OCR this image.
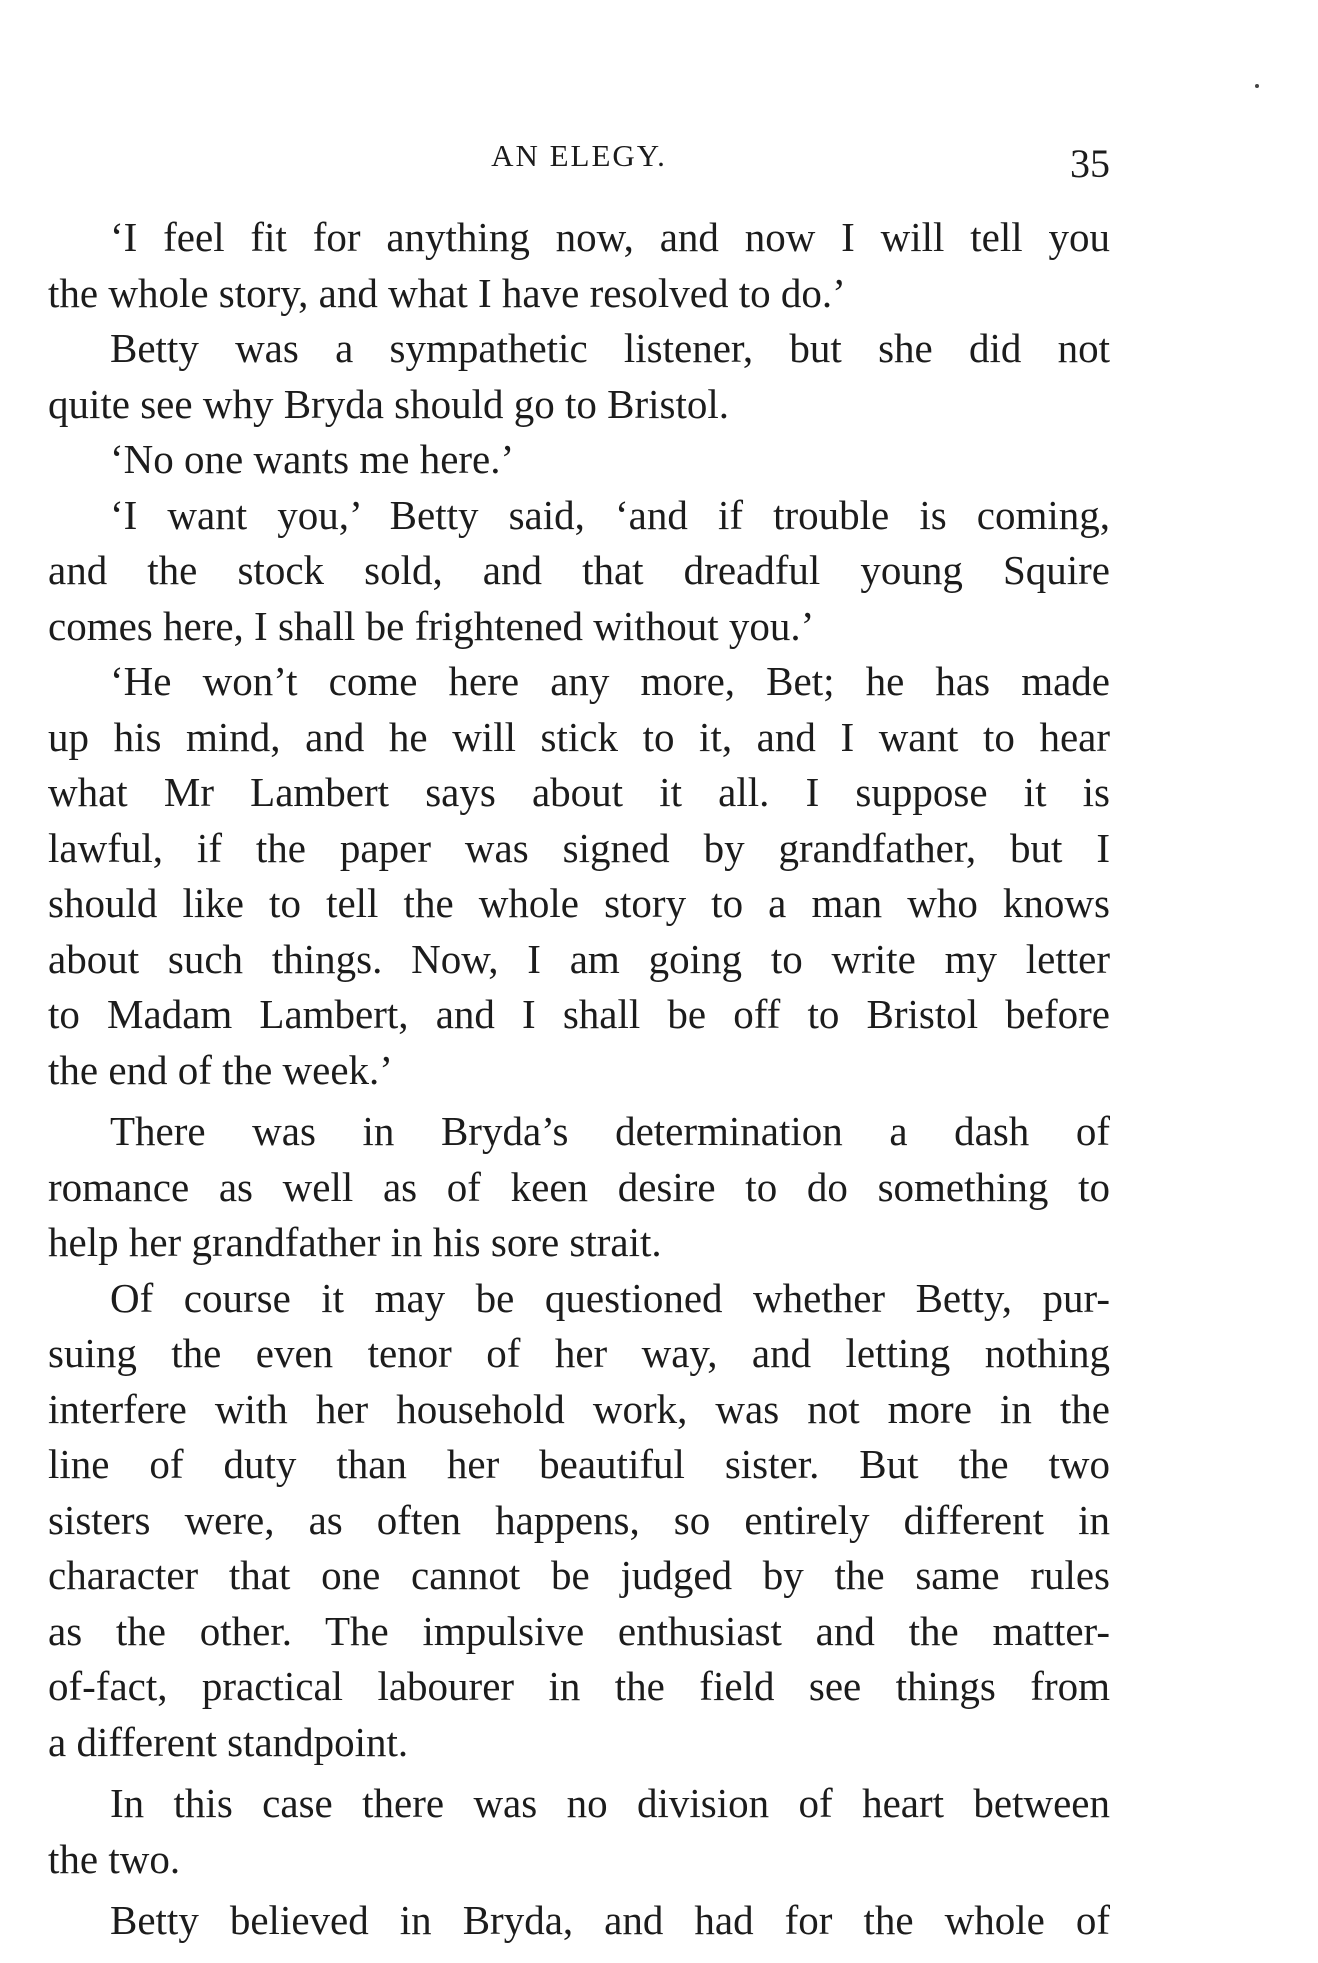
AN ELEGY.	35
‘I feel fit for anything now, and now I will tell you
the whole story, and what I have resolved to do.’
Betty was a sympathetic listener, but she did not
quite see why Bryda should go to Bristol.
‘No one wants me here.’
‘I want you,’ Betty said, ‘and if trouble is coming,
and the stock sold, and that dreadful young Squire
comes here, I shall be frightened without you.’
‘He won’t come here any more, Bet; he has made
up his mind, and he will stick to it, and I want to hear
what Mr Lambert says about it all. I suppose it is
lawful, if the paper was signed by grandfather, but I
should like to tell the whole story to a man who knows
about such things. Now, I am going to write my letter
to Madam Lambert, and I shall be off to Bristol before
the end of the week.’
There was in Bryda’s determination a dash of
romance as well as of keen desire to do something to
help her grandfather in his sore strait.
Of course it may be questioned whether Betty, pur-
suing the even tenor of her way, and letting nothing
interfere with her household work, was not more in the
line of duty than her beautiful sister. But the two
sisters were, as often happens, so entirely different in
character that one cannot be judged by the same rules
as the other. The impulsive enthusiast and the matter-
of-fact, practical labourer in the field see things from
a different standpoint.
In this case there was no division of heart between
the two.
Betty believed in Bryda, and had for the whole of
